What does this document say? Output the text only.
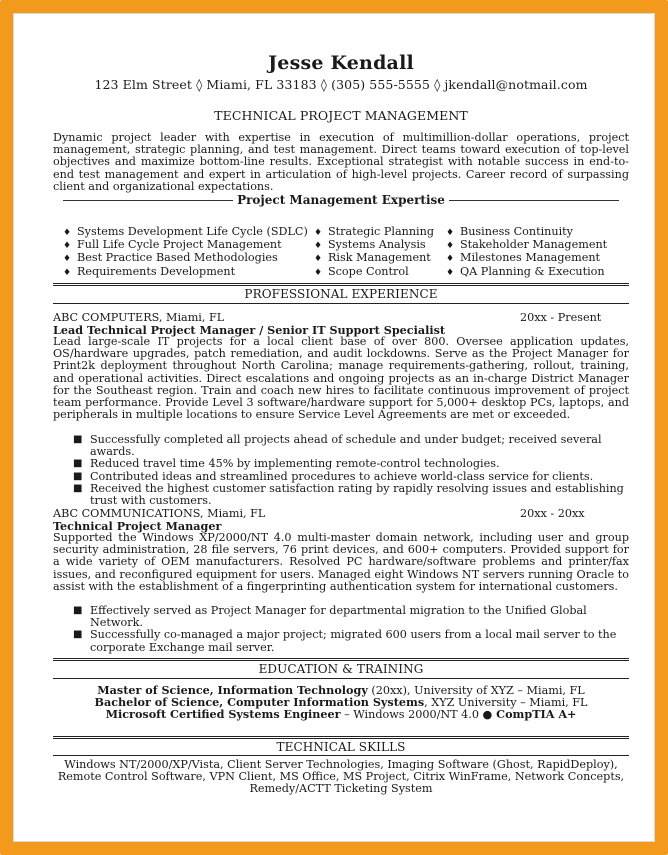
Jesse Kendall
123 Elm Street ◊ Miami, FL 33183 ◊ (305) 555-5555 ◊ jkendall@notmail.com
TECHNICAL PROJECT MANAGEMENT
Dynamic project leader with expertise in execution of multimillion-dollar operations, project management, strategic planning, and test management. Direct teams toward execution of top-level objectives and maximize bottom-line results. Exceptional strategist with notable success in end-to-end test management and expert in articulation of high-level projects. Career record of surpassing client and organizational expectations.
Project Management Expertise
♦ Systems Development Life Cycle (SDLC)
♦ Full Life Cycle Project Management
♦ Best Practice Based Methodologies
♦ Requirements Development
♦ Strategic Planning
♦ Systems Analysis
♦ Risk Management
♦ Scope Control
♦ Business Continuity
♦ Stakeholder Management
♦ Milestones Management
♦ QA Planning & Execution
PROFESSIONAL EXPERIENCE
ABC COMPUTERS, Miami, FL	20xx - Present
Lead Technical Project Manager / Senior IT Support Specialist
Lead large-scale IT projects for a local client base of over 800. Oversee application updates, OS/hardware upgrades, patch remediation, and audit lockdowns. Serve as the Project Manager for Print2k deployment throughout North Carolina; manage requirements-gathering, rollout, training, and operational activities. Direct escalations and ongoing projects as an in-charge District Manager for the Southeast region. Train and coach new hires to facilitate continuous improvement of project team performance. Provide Level 3 software/hardware support for 5,000+ desktop PCs, laptops, and peripherals in multiple locations to ensure Service Level Agreements are met or exceeded.
■ Successfully completed all projects ahead of schedule and under budget; received several awards.
■ Reduced travel time 45% by implementing remote-control technologies.
■ Contributed ideas and streamlined procedures to achieve world-class service for clients.
■ Received the highest customer satisfaction rating by rapidly resolving issues and establishing trust with customers.
ABC COMMUNICATIONS, Miami, FL	20xx - 20xx
Technical Project Manager
Supported the Windows XP/2000/NT 4.0 multi-master domain network, including user and group security administration, 28 file servers, 76 print devices, and 600+ computers. Provided support for a wide variety of OEM manufacturers. Resolved PC hardware/software problems and printer/fax issues, and reconfigured equipment for users. Managed eight Windows NT servers running Oracle to assist with the establishment of a fingerprinting authentication system for international customers.
■ Effectively served as Project Manager for departmental migration to the Unified Global Network.
■ Successfully co-managed a major project; migrated 600 users from a local mail server to the corporate Exchange mail server.
EDUCATION & TRAINING
Master of Science, Information Technology (20xx), University of XYZ – Miami, FL
Bachelor of Science, Computer Information Systems, XYZ University – Miami, FL
Microsoft Certified Systems Engineer – Windows 2000/NT 4.0 ● CompTIA A+
TECHNICAL SKILLS
Windows NT/2000/XP/Vista, Client Server Technologies, Imaging Software (Ghost, RapidDeploy), Remote Control Software, VPN Client, MS Office, MS Project, Citrix WinFrame, Network Concepts, Remedy/ACTT Ticketing System
